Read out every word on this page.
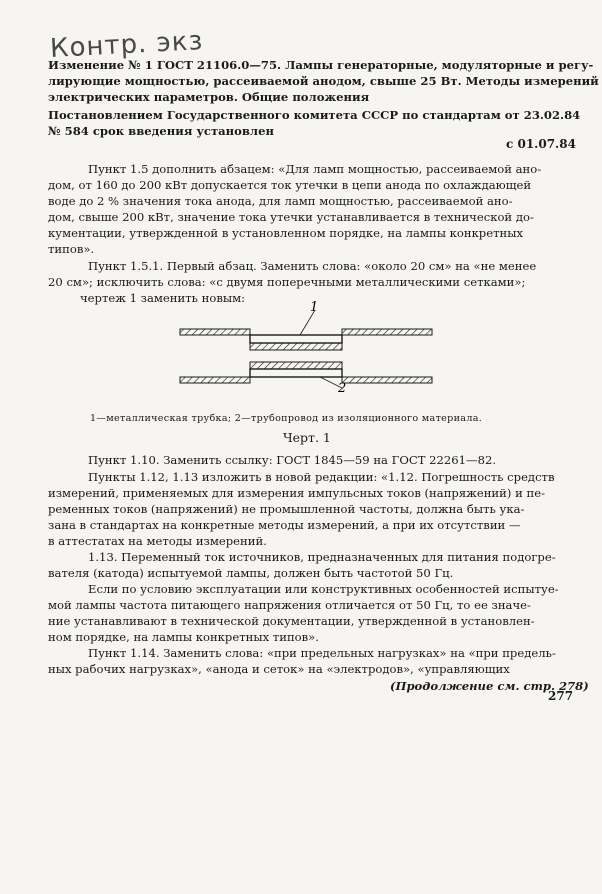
Контр. экз
Изменение № 1 ГОСТ 21106.0—75. Лампы генераторные, модуляторные и регу-
лирующие мощностью, рассеиваемой анодом, свыше 25 Вт. Методы измерений
электрических параметров. Общие положения
Постановлением Государственного комитета СССР по стандартам от 23.02.84
№ 584 срок введения установлен
с 01.07.84
Пункт 1.5 дополнить абзацем: «Для ламп мощностью, рассеиваемой ано-
дом, от 160 до 200 кВт допускается ток утечки в цепи анода по охлаждающей
воде до 2 % значения тока анода, для ламп мощностью, рассеиваемой ано-
дом, свыше 200 кВт, значение тока утечки устанавливается в технической до-
кументации, утвержденной в установленном порядке, на лампы конкретных
типов».
Пункт 1.5.1. Первый абзац. Заменить слова: «около 20 см» на «не менее
20 см»; исключить слова: «с двумя поперечными металлическими сетками»;
чертеж 1 заменить новым:
1
2
1—металлическая трубка; 2—трубопровод из изоляционного материала.
Черт. 1
Пункт 1.10. Заменить ссылку: ГОСТ 1845—59 на ГОСТ 22261—82.
Пункты 1.12, 1.13 изложить в новой редакции: «1.12. Погрешность средств
измерений, применяемых для измерения импульсных токов (напряжений) и пе-
ременных токов (напряжений) не промышленной частоты, должна быть ука-
зана в стандартах на конкретные методы измерений, а при их отсутствии —
в аттестатах на методы измерений.
1.13. Переменный ток источников, предназначенных для питания подогре-
вателя (катода) испытуемой лампы, должен быть частотой 50 Гц.
Если по условию эксплуатации или конструктивных особенностей испытуе-
мой лампы частота питающего напряжения отличается от 50 Гц, то ее значе-
ние устанавливают в технической документации, утвержденной в установлен-
ном порядке, на лампы конкретных типов».
Пункт 1.14. Заменить слова: «при предельных нагрузках» на «при предель-
ных рабочих нагрузках», «анода и сеток» на «электродов», «управляющих
(Продолжение см. стр. 278)
277
